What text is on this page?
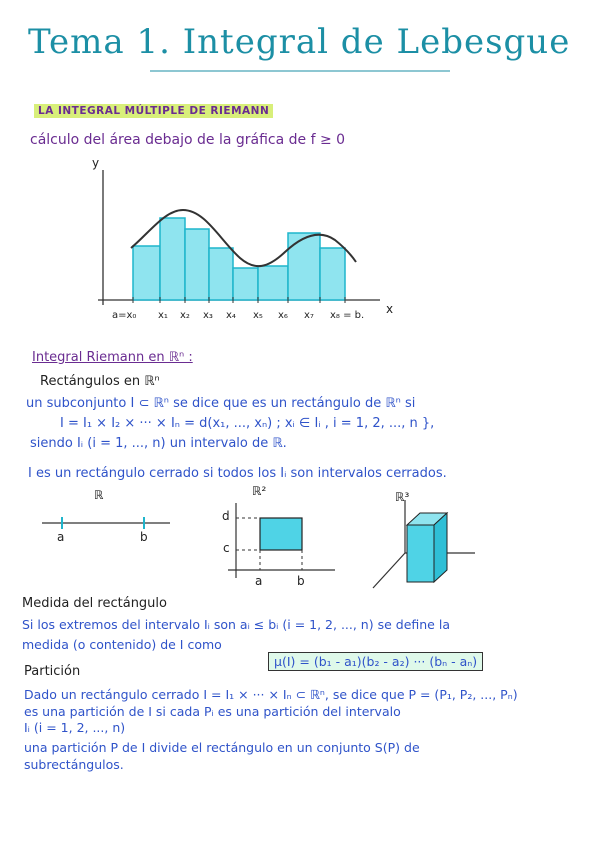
Tema 1. Integral de Lebesgue
LA INTEGRAL MÚLTIPLE DE RIEMANN
cálculo del área debajo de la gráfica de f ≥ 0
y
x
a=x₀ x₁ x₂ x₃ x₄ x₅ x₆ x₇ x₈ = b.
Integral Riemann en ℝⁿ :
Rectángulos en ℝⁿ
un subconjunto I ⊂ ℝⁿ se dice que es un rectángulo de ℝⁿ si
I = I₁ × I₂ × ··· × Iₙ = d(x₁, ..., xₙ) ; xᵢ ∈ Iᵢ , i = 1, 2, ..., n },
siendo Iᵢ (i = 1, ..., n) un intervalo de ℝ.
I es un rectángulo cerrado si todos los Iᵢ son intervalos cerrados.
ℝ	ℝ²	ℝ³
a	b
d
c
a	b
Medida del rectángulo
Si los extremos del intervalo Iᵢ son aᵢ ≤ bᵢ (i = 1, 2, ..., n) se define la
medida (o contenido) de I como
μ(I) = (b₁ - a₁)(b₂ - a₂) ··· (bₙ - aₙ)
Partición
Dado un rectángulo cerrado I = I₁ × ··· × Iₙ ⊂ ℝⁿ, se dice que P = (P₁, P₂, ..., Pₙ)
es una partición de I si cada Pᵢ es una partición del intervalo
Iᵢ (i = 1, 2, ..., n)
una partición P de I divide el rectángulo en un conjunto S(P) de
subrectángulos.
